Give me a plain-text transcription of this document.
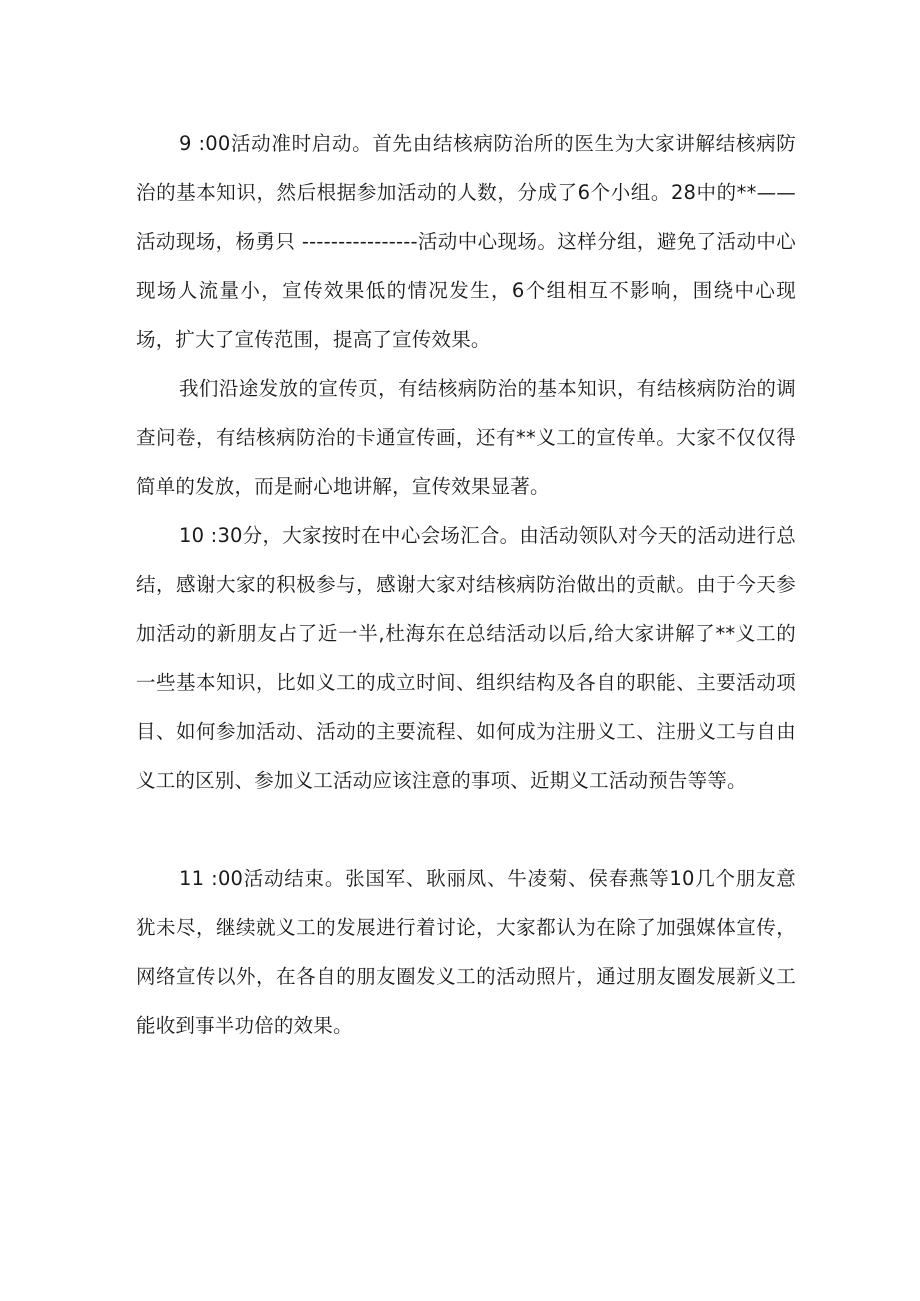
9 :00活动准时启动。首先由结核病防治所的医生为大家讲解结核病防治的基本知识，然后根据参加活动的人数，分成了6个小组。28中的**——活动现场，杨勇只 ----------------活动中心现场。这样分组，避免了活动中心现场人流量小，宣传效果低的情况发生，6个组相互不影响，围绕中心现场，扩大了宣传范围，提高了宣传效果。

我们沿途发放的宣传页，有结核病防治的基本知识，有结核病防治的调查问卷，有结核病防治的卡通宣传画，还有**义工的宣传单。大家不仅仅得简单的发放，而是耐心地讲解，宣传效果显著。

10 :30分，大家按时在中心会场汇合。由活动领队对今天的活动进行总结，感谢大家的积极参与，感谢大家对结核病防治做出的贡献。由于今天参加活动的新朋友占了近一半,杜海东在总结活动以后,给大家讲解了**义工的一些基本知识，比如义工的成立时间、组织结构及各自的职能、主要活动项目、如何参加活动、活动的主要流程、如何成为注册义工、注册义工与自由义工的区别、参加义工活动应该注意的事项、近期义工活动预告等等。

11 :00活动结束。张国军、耿丽凤、牛凌菊、侯春燕等10几个朋友意犹未尽，继续就义工的发展进行着讨论，大家都认为在除了加强媒体宣传，网络宣传以外，在各自的朋友圈发义工的活动照片，通过朋友圈发展新义工能收到事半功倍的效果。
